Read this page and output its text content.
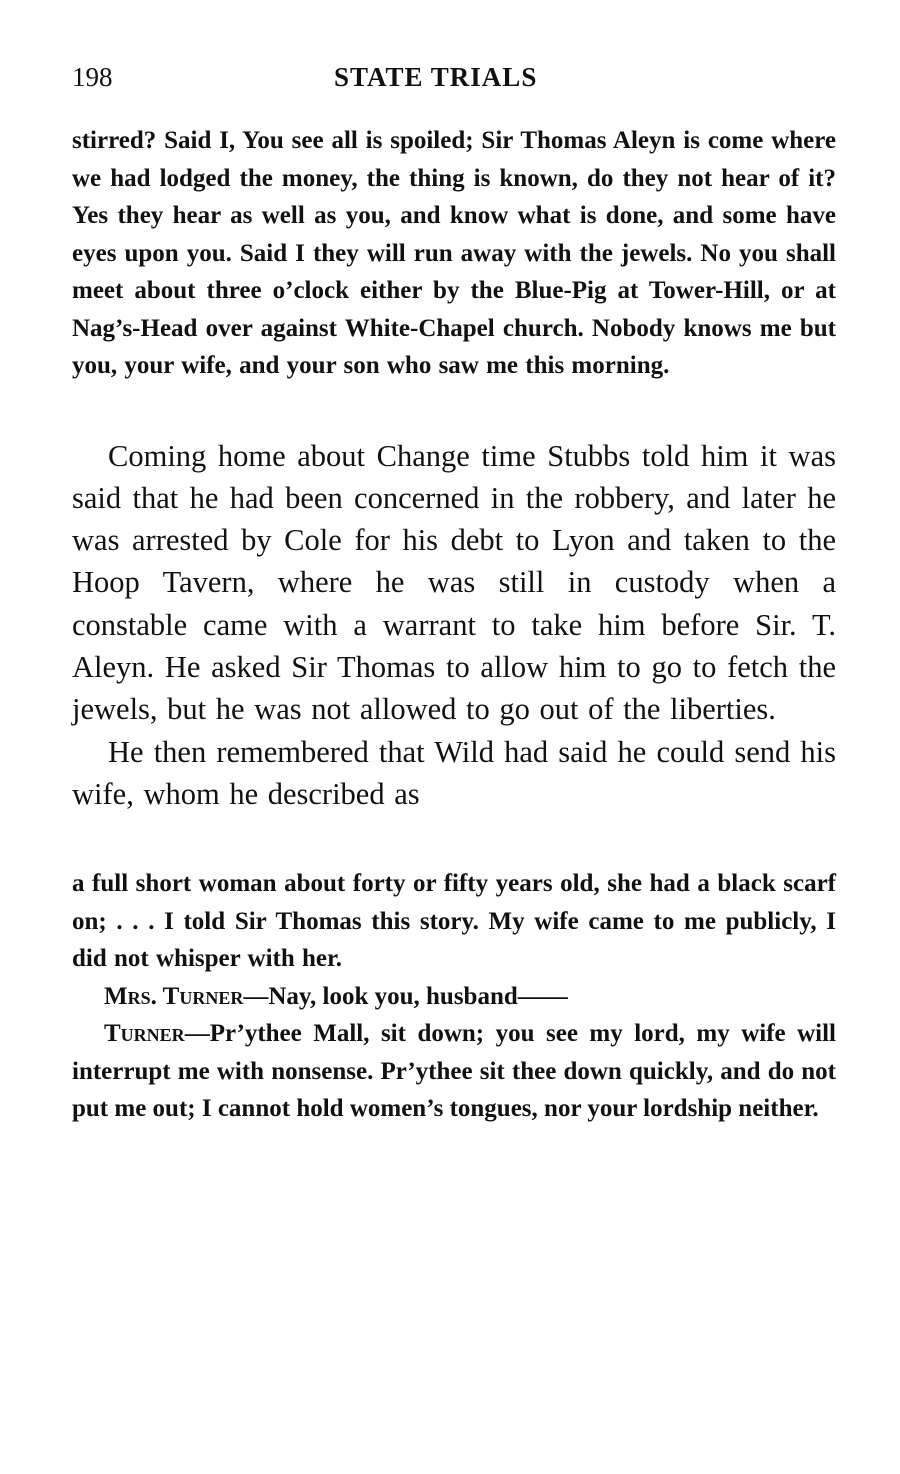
198	STATE TRIALS

stirred? Said I, You see all is spoiled; Sir Thomas Aleyn is come where we had lodged the money, the thing is known, do they not hear of it? Yes they hear as well as you, and know what is done, and some have eyes upon you. Said I they will run away with the jewels. No you shall meet about three o’clock either by the Blue-Pig at Tower-Hill, or at Nag’s-Head over against White-Chapel church. Nobody knows me but you, your wife, and your son who saw me this morning.

Coming home about Change time Stubbs told him it was said that he had been concerned in the robbery, and later he was arrested by Cole for his debt to Lyon and taken to the Hoop Tavern, where he was still in custody when a constable came with a warrant to take him before Sir. T. Aleyn. He asked Sir Thomas to allow him to go to fetch the jewels, but he was not allowed to go out of the liberties.

He then remembered that Wild had said he could send his wife, whom he described as

a full short woman about forty or fifty years old, she had a black scarf on; . . . I told Sir Thomas this story. My wife came to me publicly, I did not whisper with her.

Mrs. Turner—Nay, look you, husband——

Turner—Pr’ythee Mall, sit down; you see my lord, my wife will interrupt me with nonsense. Pr’ythee sit thee down quickly, and do not put me out; I cannot hold women’s tongues, nor your lordship neither.
